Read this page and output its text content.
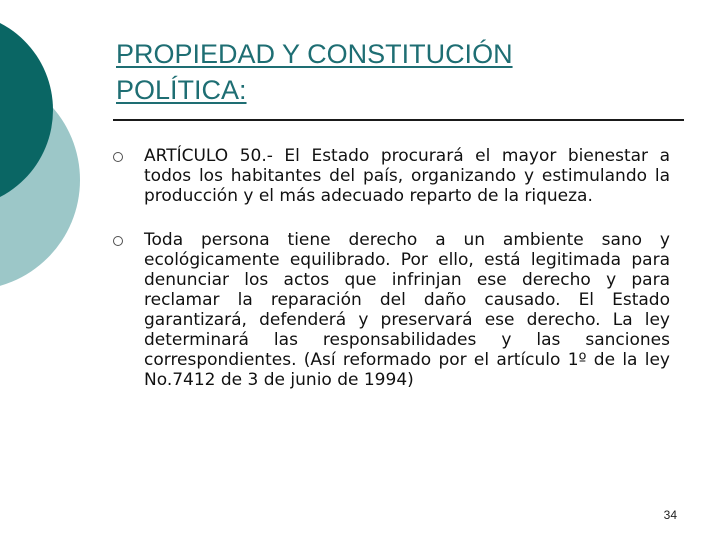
PROPIEDAD Y CONSTITUCIÓN
POLÍTICA:
ARTÍCULO 50.- El Estado procurará el mayor bienestar a todos los habitantes del país, organizando y estimulando la producción y el más adecuado reparto de la riqueza.
Toda persona tiene derecho a un ambiente sano y ecológicamente equilibrado. Por ello, está legitimada para denunciar los actos que infrinjan ese derecho y para reclamar la reparación del daño causado. El Estado garantizará, defenderá y preservará ese derecho. La ley determinará las responsabilidades y las sanciones correspondientes. (Así reformado por el artículo 1º de la ley No.7412 de 3 de junio de 1994)
34
